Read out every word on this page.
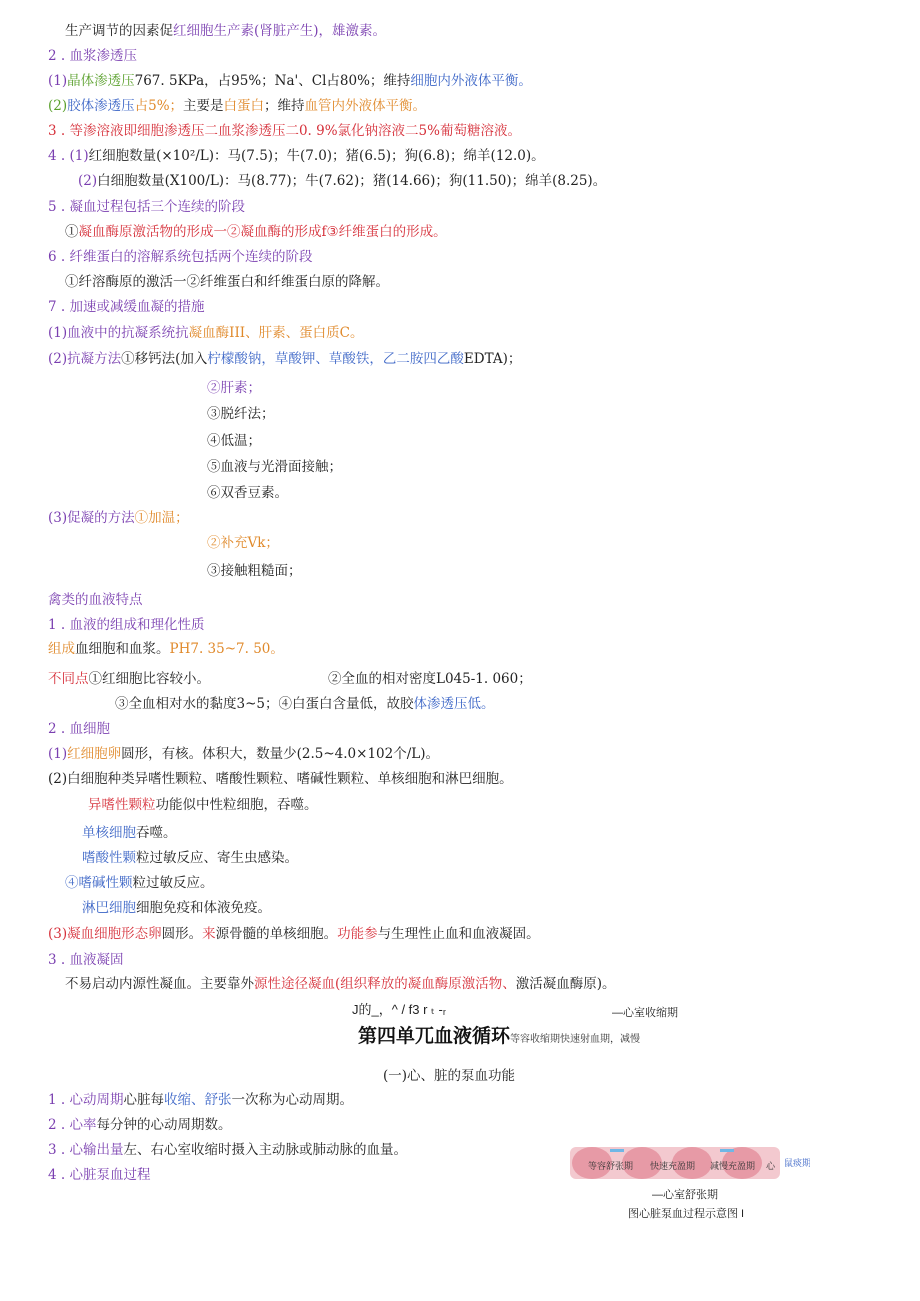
生产调节的因素促红细胞生产素(肾脏产生)，雄激素。
2 . 血浆渗透压
(1)晶体渗透压767. 5KPa，占95%；Na'、Cl占80%；维持细胞内外液体平衡。
(2)胶体渗透压占5%；主要是白蛋白；维持血管内外液体平衡。
3 . 等渗溶液即细胞渗透压二血浆渗透压二0. 9%氯化钠溶液二5%葡萄糖溶液。
4 . (1)红细胞数量(×10²/L)：马(7.5)；牛(7.0)；猪(6.5)；狗(6.8)；绵羊(12.0)。
(2)白细胞数量(X100/L)：马(8.77)；牛(7.62)；猪(14.66)；狗(11.50)；绵羊(8.25)。
5 . 凝血过程包括三个连续的阶段
①凝血酶原激活物的形成一②凝血酶的形成f③纤维蛋白的形成。
6 . 纤维蛋白的溶解系统包括两个连续的阶段
①纤溶酶原的激活一②纤维蛋白和纤维蛋白原的降解。
7 . 加速或减缓血凝的措施
(1)血液中的抗凝系统抗凝血酶III、肝素、蛋白质C。
(2)抗凝方法①移钙法(加入柠檬酸钠，草酸钾、草酸铁，乙二胺四乙酸EDTA)；
②肝素；
③脱纤法；
④低温；
⑤血液与光滑面接触；
⑥双香豆素。
(3)促凝的方法①加温；
②补充Vk；
③接触粗糙面；
禽类的血液特点
1 . 血液的组成和理化性质
组成血细胞和血浆。PH7. 35~7. 50。
不同点①红细胞比容较小。	②全血的相对密度L045-1. 060；
③全血相对水的黏度3~5；④白蛋白含量低，故胶体渗透压低。
2 . 血细胞
(1)红细胞卵圆形，有核。体积大，数量少(2.5~4.0×102个/L)。
(2)白细胞种类异嗜性颗粒、嗜酸性颗粒、嗜碱性颗粒、单核细胞和淋巴细胞。
异嗜性颗粒功能似中性粒细胞，吞噬。
单核细胞吞噬。
嗜酸性颗粒过敏反应、寄生虫感染。
④嗜碱性颗粒过敏反应。
淋巴细胞细胞免疫和体液免疫。
(3)凝血细胞形态卵圆形。来源骨髓的单核细胞。功能参与生理性止血和血液凝固。
3 . 血液凝固
不易启动内源性凝血。主要靠外源性途径凝血(组织释放的凝血酶原激活物、激活凝血酶原)。
J的_，^ / f3 r ₜ -ᵣ	—心室收缩期
第四单兀血液循环等容收缩期快速射血期，减慢
(一)心、脏的泵血功能
1 . 心动周期心脏每收缩、舒张一次称为心动周期。
2 . 心率每分钟的心动周期数。
3 . 心输出量左、右心室收缩时摄入主动脉或肺动脉的血量。
4 . 心脏泵血过程
等容舒张期 快速充盈期 减慢充盈期 心 鼠痰期
—心室舒张期
图心脏泵血过程示意图 I
